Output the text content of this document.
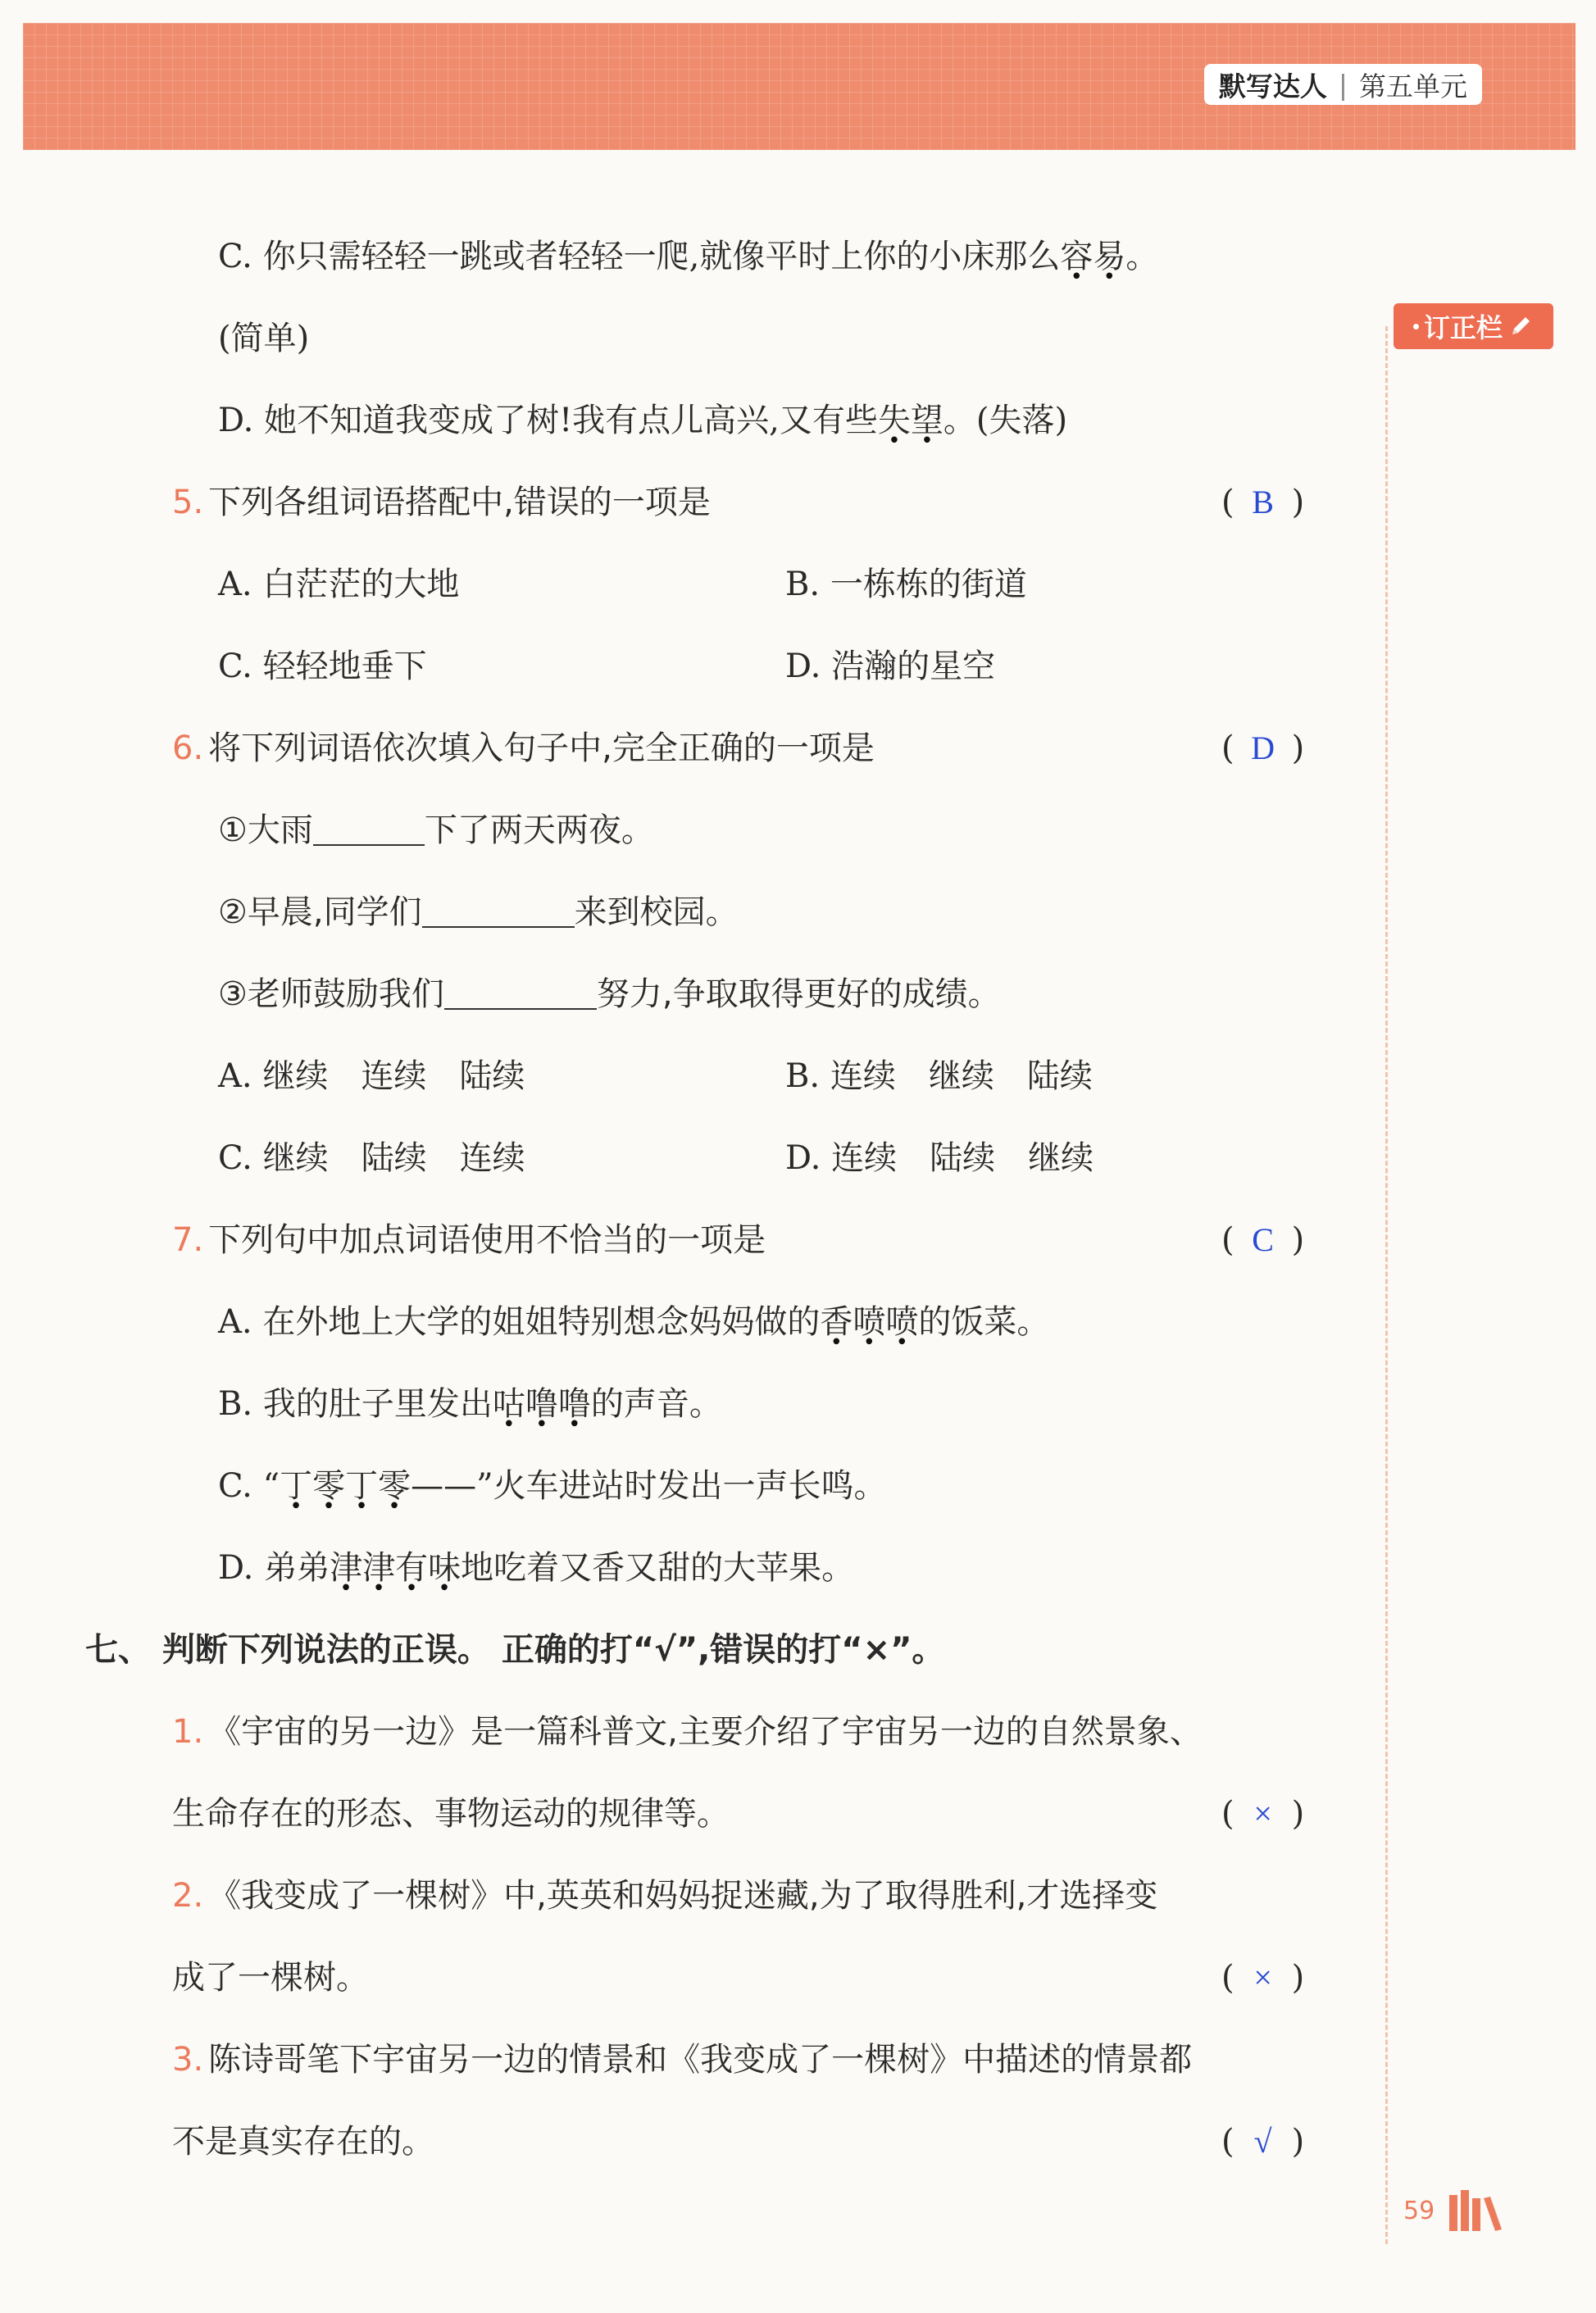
默写达人 | 第五单元
订正栏
C. 你只需轻轻一跳或者轻轻一爬,就像平时上你的小床那么容易。
(简单)
D. 她不知道我变成了树!我有点儿高兴,又有些失望。(失落)
5. 下列各组词语搭配中,错误的一项是	( B )
A. 白茫茫的大地	B. 一栋栋的街道
C. 轻轻地垂下	D. 浩瀚的星空
6. 将下列词语依次填入句子中,完全正确的一项是	( D )
①大雨	下了两天两夜。
②早晨,同学们	来到校园。
③老师鼓励我们	努力,争取取得更好的成绩。
A. 继续　连续　陆续	B. 连续　继续　陆续
C. 继续　陆续　连续	D. 连续　陆续　继续
7. 下列句中加点词语使用不恰当的一项是	( C )
A. 在外地上大学的姐姐特别想念妈妈做的香喷喷的饭菜。
B. 我的肚子里发出咕噜噜的声音。
C. “丁零丁零——”火车进站时发出一声长鸣。
D. 弟弟津津有味地吃着又香又甜的大苹果。
七、 判断下列说法的正误。 正确的打“√”,错误的打“×”。
1. 《宇宙的另一边》是一篇科普文,主要介绍了宇宙另一边的自然景象、
生命存在的形态、事物运动的规律等。	( × )
2. 《我变成了一棵树》中,英英和妈妈捉迷藏,为了取得胜利,才选择变
成了一棵树。	( × )
3. 陈诗哥笔下宇宙另一边的情景和《我变成了一棵树》中描述的情景都
不是真实存在的。	( √ )
59
